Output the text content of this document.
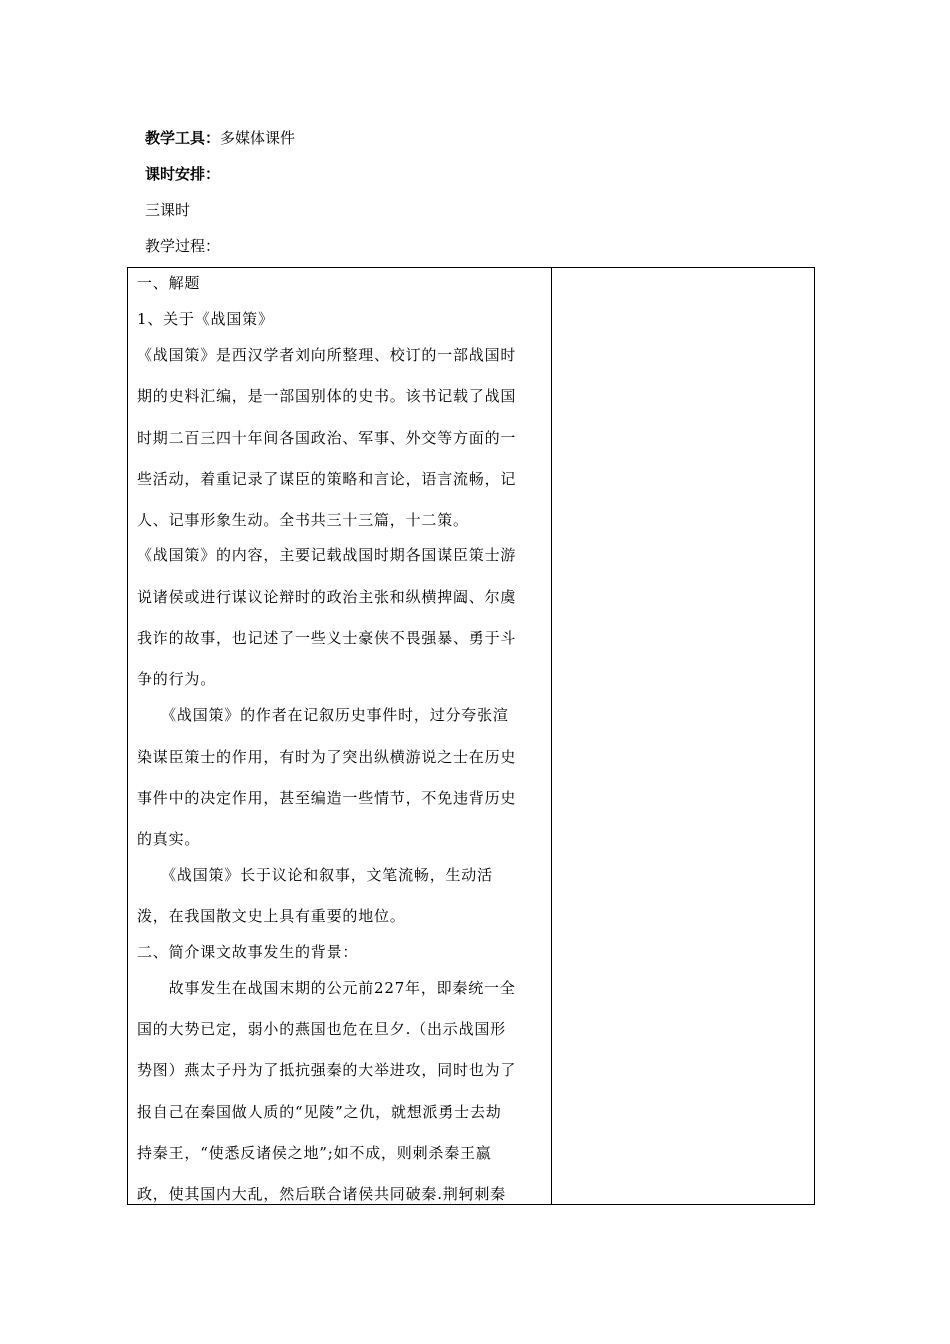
教学工具：多媒体课件
课时安排：
三课时
教学过程：
一、解题
1、关于《战国策》
《战国策》是西汉学者刘向所整理、校订的一部战国时
期的史料汇编，是一部国别体的史书。该书记载了战国
时期二百三四十年间各国政治、军事、外交等方面的一
些活动，着重记录了谋臣的策略和言论，语言流畅，记
人、记事形象生动。全书共三十三篇，十二策。
《战国策》的内容，主要记载战国时期各国谋臣策士游
说诸侯或进行谋议论辩时的政治主张和纵横捭阖、尔虞
我诈的故事，也记述了一些义士豪侠不畏强暴、勇于斗
争的行为。
　　《战国策》的作者在记叙历史事件时，过分夸张渲
染谋臣策士的作用，有时为了突出纵横游说之士在历史
事件中的决定作用，甚至编造一些情节，不免违背历史
的真实。
　　《战国策》长于议论和叙事，文笔流畅，生动活
泼，在我国散文史上具有重要的地位。
二、简介课文故事发生的背景：
　　故事发生在战国末期的公元前227年，即秦统一全
国的大势已定，弱小的燕国也危在旦夕.（出示战国形
势图）燕太子丹为了抵抗强秦的大举进攻，同时也为了
报自己在秦国做人质的“见陵”之仇，就想派勇士去劫
持秦王，“使悉反诸侯之地”;如不成，则刺杀秦王嬴
政，使其国内大乱，然后联合诸侯共同破秦.荆轲刺秦
